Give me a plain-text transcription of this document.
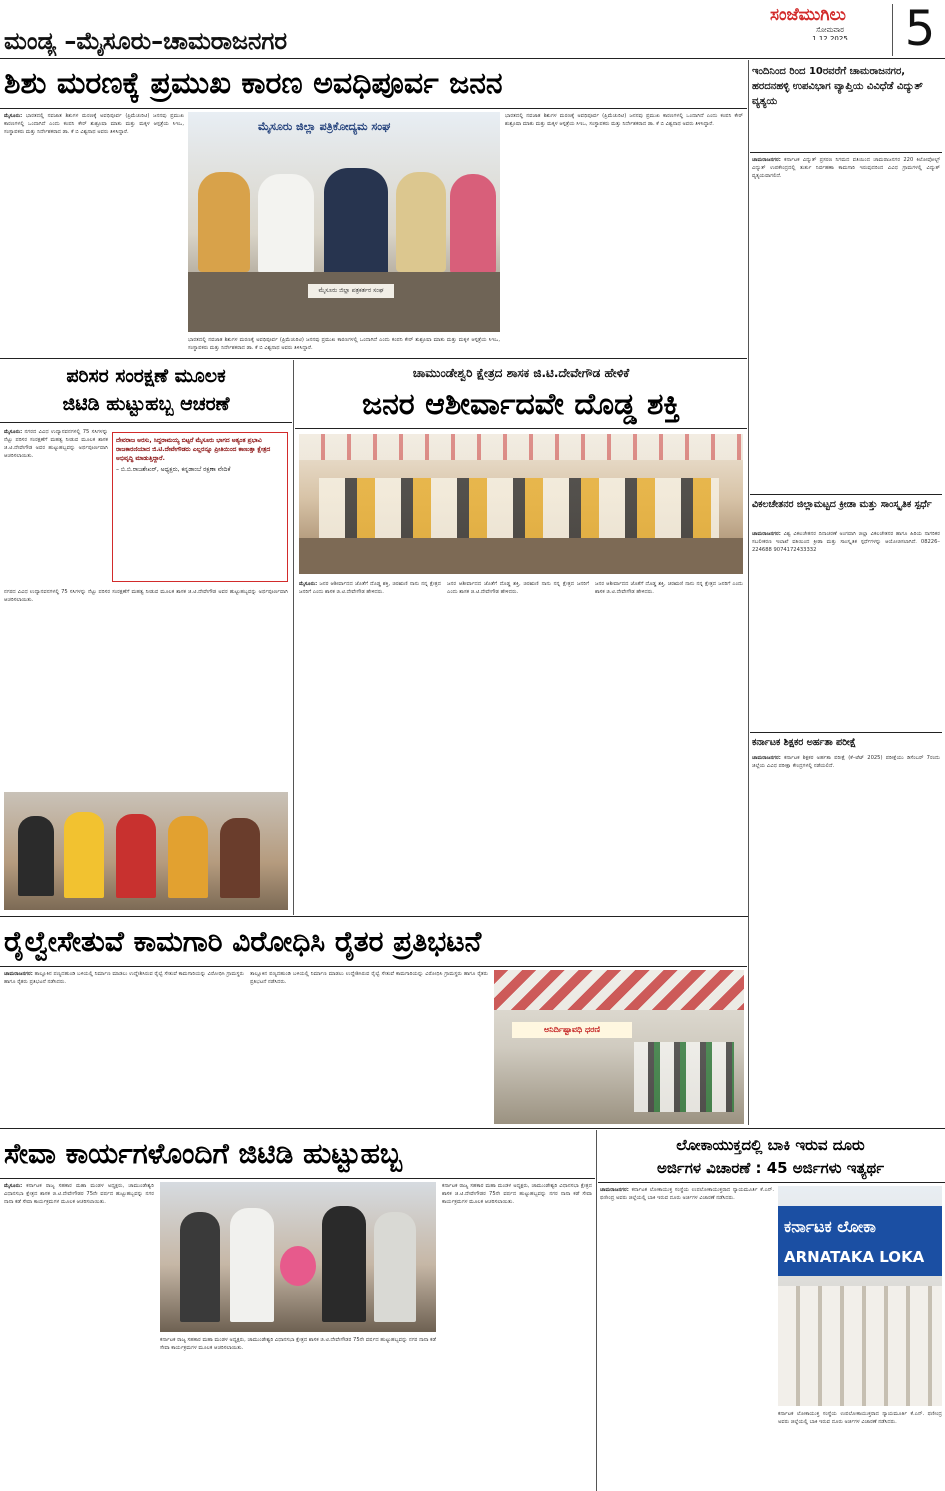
ಮಂಡ್ಯ –ಮೈಸೂರು–ಚಾಮರಾಜನಗರ
ಸಂಜೆಮುಗಿಲು
ಸೋಮವಾರ
1.12.2025	5
ಶಿಶು ಮರಣಕ್ಕೆ ಪ್ರಮುಖ ಕಾರಣ ಅವಧಿಪೂರ್ವ ಜನನ
ಮೈಸೂರು: ಭಾರತದಲ್ಲಿ ನವಜಾತ ಶಿಶುಗಳ ಮರಣಕ್ಕೆ ಅವಧಿಪೂರ್ವ (ಪ್ರಿಮೆಚುರಿಟಿ) ಜನನವು ಪ್ರಮುಖ ಕಾರಣಗಳಲ್ಲಿ ಒಂದಾಗಿದೆ ಎಂದು ಕಂಪನಿ ಕೇರ್ ಶುಶ್ರೂಷಾ ಮಾತು ಮತ್ತು ಮಕ್ಕಳ ಆಸ್ಪತ್ರೆಯ ಸಿಇಒ, ಸಂಸ್ಥಾಪಕರು ಮತ್ತು ನಿರ್ದೇಶಕರಾದ ಡಾ. ಕೆ ಬಿ ವಿಶ್ವನಾಥ ಅವರು ತಿಳಿಸಿದ್ದಾರೆ.	ಮೈಸೂರು ಜಿಲ್ಲಾ ಪತ್ರಿಕೋದ್ಯಮ ಸಂಘ
ಮೈಸೂರು ಜಿಲ್ಲಾ ಪತ್ರಕರ್ತರ ಸಂಘ
ಭಾರತದಲ್ಲಿ ನವಜಾತ ಶಿಶುಗಳ ಮರಣಕ್ಕೆ ಅವಧಿಪೂರ್ವ (ಪ್ರಿಮೆಚುರಿಟಿ) ಜನನವು ಪ್ರಮುಖ ಕಾರಣಗಳಲ್ಲಿ ಒಂದಾಗಿದೆ ಎಂದು ಕಂಪನಿ ಕೇರ್ ಶುಶ್ರೂಷಾ ಮಾತು ಮತ್ತು ಮಕ್ಕಳ ಆಸ್ಪತ್ರೆಯ ಸಿಇಒ, ಸಂಸ್ಥಾಪಕರು ಮತ್ತು ನಿರ್ದೇಶಕರಾದ ಡಾ. ಕೆ ಬಿ ವಿಶ್ವನಾಥ ಅವರು ತಿಳಿಸಿದ್ದಾರೆ.
ಭಾರತದಲ್ಲಿ ನವಜಾತ ಶಿಶುಗಳ ಮರಣಕ್ಕೆ ಅವಧಿಪೂರ್ವ (ಪ್ರಿಮೆಚುರಿಟಿ) ಜನನವು ಪ್ರಮುಖ ಕಾರಣಗಳಲ್ಲಿ ಒಂದಾಗಿದೆ ಎಂದು ಕಂಪನಿ ಕೇರ್ ಶುಶ್ರೂಷಾ ಮಾತು ಮತ್ತು ಮಕ್ಕಳ ಆಸ್ಪತ್ರೆಯ ಸಿಇಒ, ಸಂಸ್ಥಾಪಕರು ಮತ್ತು ನಿರ್ದೇಶಕರಾದ ಡಾ. ಕೆ ಬಿ ವಿಶ್ವನಾಥ ಅವರು ತಿಳಿಸಿದ್ದಾರೆ.
ಇಂದಿನಿಂದ ರಿಂದ 10ರವರೆಗೆ ಚಾಮರಾಜನಗರ, ಹರದನಹಳ್ಳಿ ಉಪವಿಭಾಗ ವ್ಯಾಪ್ತಿಯ ವಿವಿಧೆಡೆ ವಿದ್ಯುತ್ ವ್ಯತ್ಯಯ
ಚಾಮರಾಜನಗರ: ಕರ್ನಾಟಕ ವಿದ್ಯುತ್ ಪ್ರಸರಣ ನಿಗಮದ ವತಿಯಿಂದ ಚಾಮರಾಜನಗರ 220 ಕಿಲೋವೋಲ್ಟ್ ವಿದ್ಯುತ್ ಉಪಕೇಂದ್ರದಲ್ಲಿ ತುರ್ತು ನಿರ್ವಹಣಾ ಕಾಮಗಾರಿ ಇರುವುದರಿಂದ ವಿವಿಧ ಗ್ರಾಮಗಳಲ್ಲಿ ವಿದ್ಯುತ್ ವ್ಯತ್ಯಯವಾಗಲಿದೆ.
ವಿಕಲಚೇತನರ ಜಿಲ್ಲಾಮಟ್ಟದ ಕ್ರೀಡಾ ಮತ್ತು ಸಾಂಸ್ಕೃತಿಕ ಸ್ಪರ್ಧೆ
ಚಾಮರಾಜನಗರ: ವಿಶ್ವ ವಿಕಲಚೇತನರ ದಿನಾಚರಣೆ ಅಂಗವಾಗಿ ಜಿಲ್ಲಾ ವಿಕಲಚೇತನರ ಹಾಗೂ ಹಿರಿಯ ನಾಗರಿಕರ ಸಬಲೀಕರಣ ಇಲಾಖೆ ವತಿಯಿಂದ ಕ್ರೀಡಾ ಮತ್ತು ಸಾಂಸ್ಕೃತಿಕ ಸ್ಪರ್ಧೆಗಳನ್ನು ಆಯೋಜಿಸಲಾಗಿದೆ. 08226–224688 9074172433332
ಕರ್ನಾಟಕ ಶಿಕ್ಷಕರ ಅರ್ಹತಾ ಪರೀಕ್ಷೆ
ಚಾಮರಾಜನಗರ: ಕರ್ನಾಟಕ ಶಿಕ್ಷಕರ ಅರ್ಹತಾ ಪರೀಕ್ಷೆ (ಕೆ–ಟೆಟ್ 2025) ಪರೀಕ್ಷೆಯು ಡಿಸೆಂಬರ್ 7ರಂದು ಜಿಲ್ಲೆಯ ವಿವಿಧ ಪರೀಕ್ಷಾ ಕೇಂದ್ರಗಳಲ್ಲಿ ನಡೆಯಲಿದೆ.
ಪರಿಸರ ಸಂರಕ್ಷಣೆ ಮೂಲಕ
ಜಿಟಿಡಿ ಹುಟ್ಟುಹಬ್ಬ ಆಚರಣೆ
ಮೈಸೂರು: ನಗರದ ವಿವಿಧ ಉದ್ಯಾನವನಗಳಲ್ಲಿ 75 ಸಸಿಗಳನ್ನು ನೆಟ್ಟು ಪರಿಸರ ಸಂರಕ್ಷಣೆಗೆ ಮಹತ್ವ ನೀಡುವ ಮೂಲಕ ಶಾಸಕ ಜಿ.ಟಿ.ದೇವೇಗೌಡ ಅವರ ಹುಟ್ಟುಹಬ್ಬವನ್ನು ಅರ್ಥಪೂರ್ಣವಾಗಿ ಆಚರಿಸಲಾಯಿತು.
ದೇವರಾಜ ಅರಸು, ಸಿದ್ದರಾಮಯ್ಯ ಬಿಟ್ಟರೆ ಮೈಸೂರು ಭಾಗದ ಅತ್ಯಂತ ಪ್ರಭಾವಿ ರಾಜಕಾರಣಿಯಾದ ಜಿ.ಟಿ.ದೇವೇಗೌಡರು ಎಲ್ಲರನ್ನೂ ಪ್ರೀತಿಯಿಂದ ಕಾಣುತ್ತಾ ಕ್ಷೇತ್ರದ ಅಭಿವೃದ್ಧಿ ಮಾಡುತ್ತಿದ್ದಾರೆ.
– ಬಿ.ಬಿ.ರಾಜಶೇಖರ್, ಅಧ್ಯಕ್ಷರು, ಕನ್ನಡಾಂಬೆ ರಕ್ಷಣಾ ವೇದಿಕೆ
ನಗರದ ವಿವಿಧ ಉದ್ಯಾನವನಗಳಲ್ಲಿ 75 ಸಸಿಗಳನ್ನು ನೆಟ್ಟು ಪರಿಸರ ಸಂರಕ್ಷಣೆಗೆ ಮಹತ್ವ ನೀಡುವ ಮೂಲಕ ಶಾಸಕ ಜಿ.ಟಿ.ದೇವೇಗೌಡ ಅವರ ಹುಟ್ಟುಹಬ್ಬವನ್ನು ಅರ್ಥಪೂರ್ಣವಾಗಿ ಆಚರಿಸಲಾಯಿತು.
ಚಾಮುಂಡೇಶ್ವರಿ ಕ್ಷೇತ್ರದ ಶಾಸಕ ಜಿ.ಟಿ.ದೇವೇಗೌಡ ಹೇಳಿಕೆ
ಜನರ ಆಶೀರ್ವಾದವೇ ದೊಡ್ಡ ಶಕ್ತಿ
ಮೈಸೂರು: ಜನರ ಆಶೀರ್ವಾದದ ಜೊತೆಗೆ ದೊಡ್ಡ ಶಕ್ತಿ, ಚಿರಋಣಿ ನಾನು ನನ್ನ ಕ್ಷೇತ್ರದ ಜನರಿಗೆ ಎಂದು ಶಾಸಕ ಜಿ.ಟಿ.ದೇವೇಗೌಡ ಹೇಳಿದರು.
ಜನರ ಆಶೀರ್ವಾದದ ಜೊತೆಗೆ ದೊಡ್ಡ ಶಕ್ತಿ, ಚಿರಋಣಿ ನಾನು ನನ್ನ ಕ್ಷೇತ್ರದ ಜನರಿಗೆ ಎಂದು ಶಾಸಕ ಜಿ.ಟಿ.ದೇವೇಗೌಡ ಹೇಳಿದರು.
ಜನರ ಆಶೀರ್ವಾದದ ಜೊತೆಗೆ ದೊಡ್ಡ ಶಕ್ತಿ, ಚಿರಋಣಿ ನಾನು ನನ್ನ ಕ್ಷೇತ್ರದ ಜನರಿಗೆ ಎಂದು ಶಾಸಕ ಜಿ.ಟಿ.ದೇವೇಗೌಡ ಹೇಳಿದರು.
ರೈಲ್ವೇಸೇತುವೆ ಕಾಮಗಾರಿ ವಿರೋಧಿಸಿ ರೈತರ ಪ್ರತಿಭಟನೆ
ಚಾಮರಾಜನಗರ: ತಾಲ್ಲೂಕಿನ ಪಣ್ಯದಹುಂಡಿ ಬಳಿಯಲ್ಲಿ ನಿರ್ಮಾಣ ಮಾಡಲು ಉದ್ದೇಶಿಸಿರುವ ರೈಲ್ವೆ ಸೇತುವೆ ಕಾಮಗಾರಿಯನ್ನು ವಿರೋಧಿಸಿ ಗ್ರಾಮಸ್ಥರು ಹಾಗೂ ರೈತರು ಪ್ರತಿಭಟನೆ ನಡೆಸಿದರು.
ತಾಲ್ಲೂಕಿನ ಪಣ್ಯದಹುಂಡಿ ಬಳಿಯಲ್ಲಿ ನಿರ್ಮಾಣ ಮಾಡಲು ಉದ್ದೇಶಿಸಿರುವ ರೈಲ್ವೆ ಸೇತುವೆ ಕಾಮಗಾರಿಯನ್ನು ವಿರೋಧಿಸಿ ಗ್ರಾಮಸ್ಥರು ಹಾಗೂ ರೈತರು ಪ್ರತಿಭಟನೆ ನಡೆಸಿದರು.
ಅನಿರ್ದಿಷ್ಟಾವಧಿ ಧರಣಿ
ಸೇವಾ ಕಾರ್ಯಗಳೊಂದಿಗೆ ಜಿಟಿಡಿ ಹುಟ್ಟುಹಬ್ಬ
ಮೈಸೂರು: ಕರ್ನಾಟಕ ರಾಜ್ಯ ಸಹಕಾರ ಮಹಾ ಮಂಡಳ ಅಧ್ಯಕ್ಷರು, ಚಾಮುಂಡೇಶ್ವರಿ ವಿಧಾನಸಭಾ ಕ್ಷೇತ್ರದ ಶಾಸಕ ಜಿ.ಟಿ.ದೇವೇಗೌಡರ 75ನೇ ವರ್ಷದ ಹುಟ್ಟುಹಬ್ಬವನ್ನು ನಗರ ನಾನಾ ಕಡೆ ಸೇವಾ ಕಾರ್ಯಕ್ರಮಗಳ ಮೂಲಕ ಆಚರಿಸಲಾಯಿತು.
ಕರ್ನಾಟಕ ರಾಜ್ಯ ಸಹಕಾರ ಮಹಾ ಮಂಡಳ ಅಧ್ಯಕ್ಷರು, ಚಾಮುಂಡೇಶ್ವರಿ ವಿಧಾನಸಭಾ ಕ್ಷೇತ್ರದ ಶಾಸಕ ಜಿ.ಟಿ.ದೇವೇಗೌಡರ 75ನೇ ವರ್ಷದ ಹುಟ್ಟುಹಬ್ಬವನ್ನು ನಗರ ನಾನಾ ಕಡೆ ಸೇವಾ ಕಾರ್ಯಕ್ರಮಗಳ ಮೂಲಕ ಆಚರಿಸಲಾಯಿತು.
ಕರ್ನಾಟಕ ರಾಜ್ಯ ಸಹಕಾರ ಮಹಾ ಮಂಡಳ ಅಧ್ಯಕ್ಷರು, ಚಾಮುಂಡೇಶ್ವರಿ ವಿಧಾನಸಭಾ ಕ್ಷೇತ್ರದ ಶಾಸಕ ಜಿ.ಟಿ.ದೇವೇಗೌಡರ 75ನೇ ವರ್ಷದ ಹುಟ್ಟುಹಬ್ಬವನ್ನು ನಗರ ನಾನಾ ಕಡೆ ಸೇವಾ ಕಾರ್ಯಕ್ರಮಗಳ ಮೂಲಕ ಆಚರಿಸಲಾಯಿತು.
ಲೋಕಾಯುಕ್ತದಲ್ಲಿ ಬಾಕಿ ಇರುವ ದೂರು
ಅರ್ಜಿಗಳ ವಿಚಾರಣೆ : 45 ಅರ್ಜಿಗಳು ಇತ್ಯರ್ಥ
ಚಾಮರಾಜನಗರ: ಕರ್ನಾಟಕ ಲೋಕಾಯುಕ್ತ ಸಂಸ್ಥೆಯ ಉಪಲೋಕಾಯುಕ್ತರಾದ ನ್ಯಾಯಮೂರ್ತಿ ಕೆ.ಎನ್. ಫಣೀಂದ್ರ ಅವರು ಜಿಲ್ಲೆಯಲ್ಲಿ ಬಾಕಿ ಇರುವ ದೂರು ಅರ್ಜಿಗಳ ವಿಚಾರಣೆ ನಡೆಸಿದರು.
ಕರ್ನಾಟಕ ಲೋಕಾ
ARNATAKA LOKA
ಕರ್ನಾಟಕ ಲೋಕಾಯುಕ್ತ ಸಂಸ್ಥೆಯ ಉಪಲೋಕಾಯುಕ್ತರಾದ ನ್ಯಾಯಮೂರ್ತಿ ಕೆ.ಎನ್. ಫಣೀಂದ್ರ ಅವರು ಜಿಲ್ಲೆಯಲ್ಲಿ ಬಾಕಿ ಇರುವ ದೂರು ಅರ್ಜಿಗಳ ವಿಚಾರಣೆ ನಡೆಸಿದರು.
